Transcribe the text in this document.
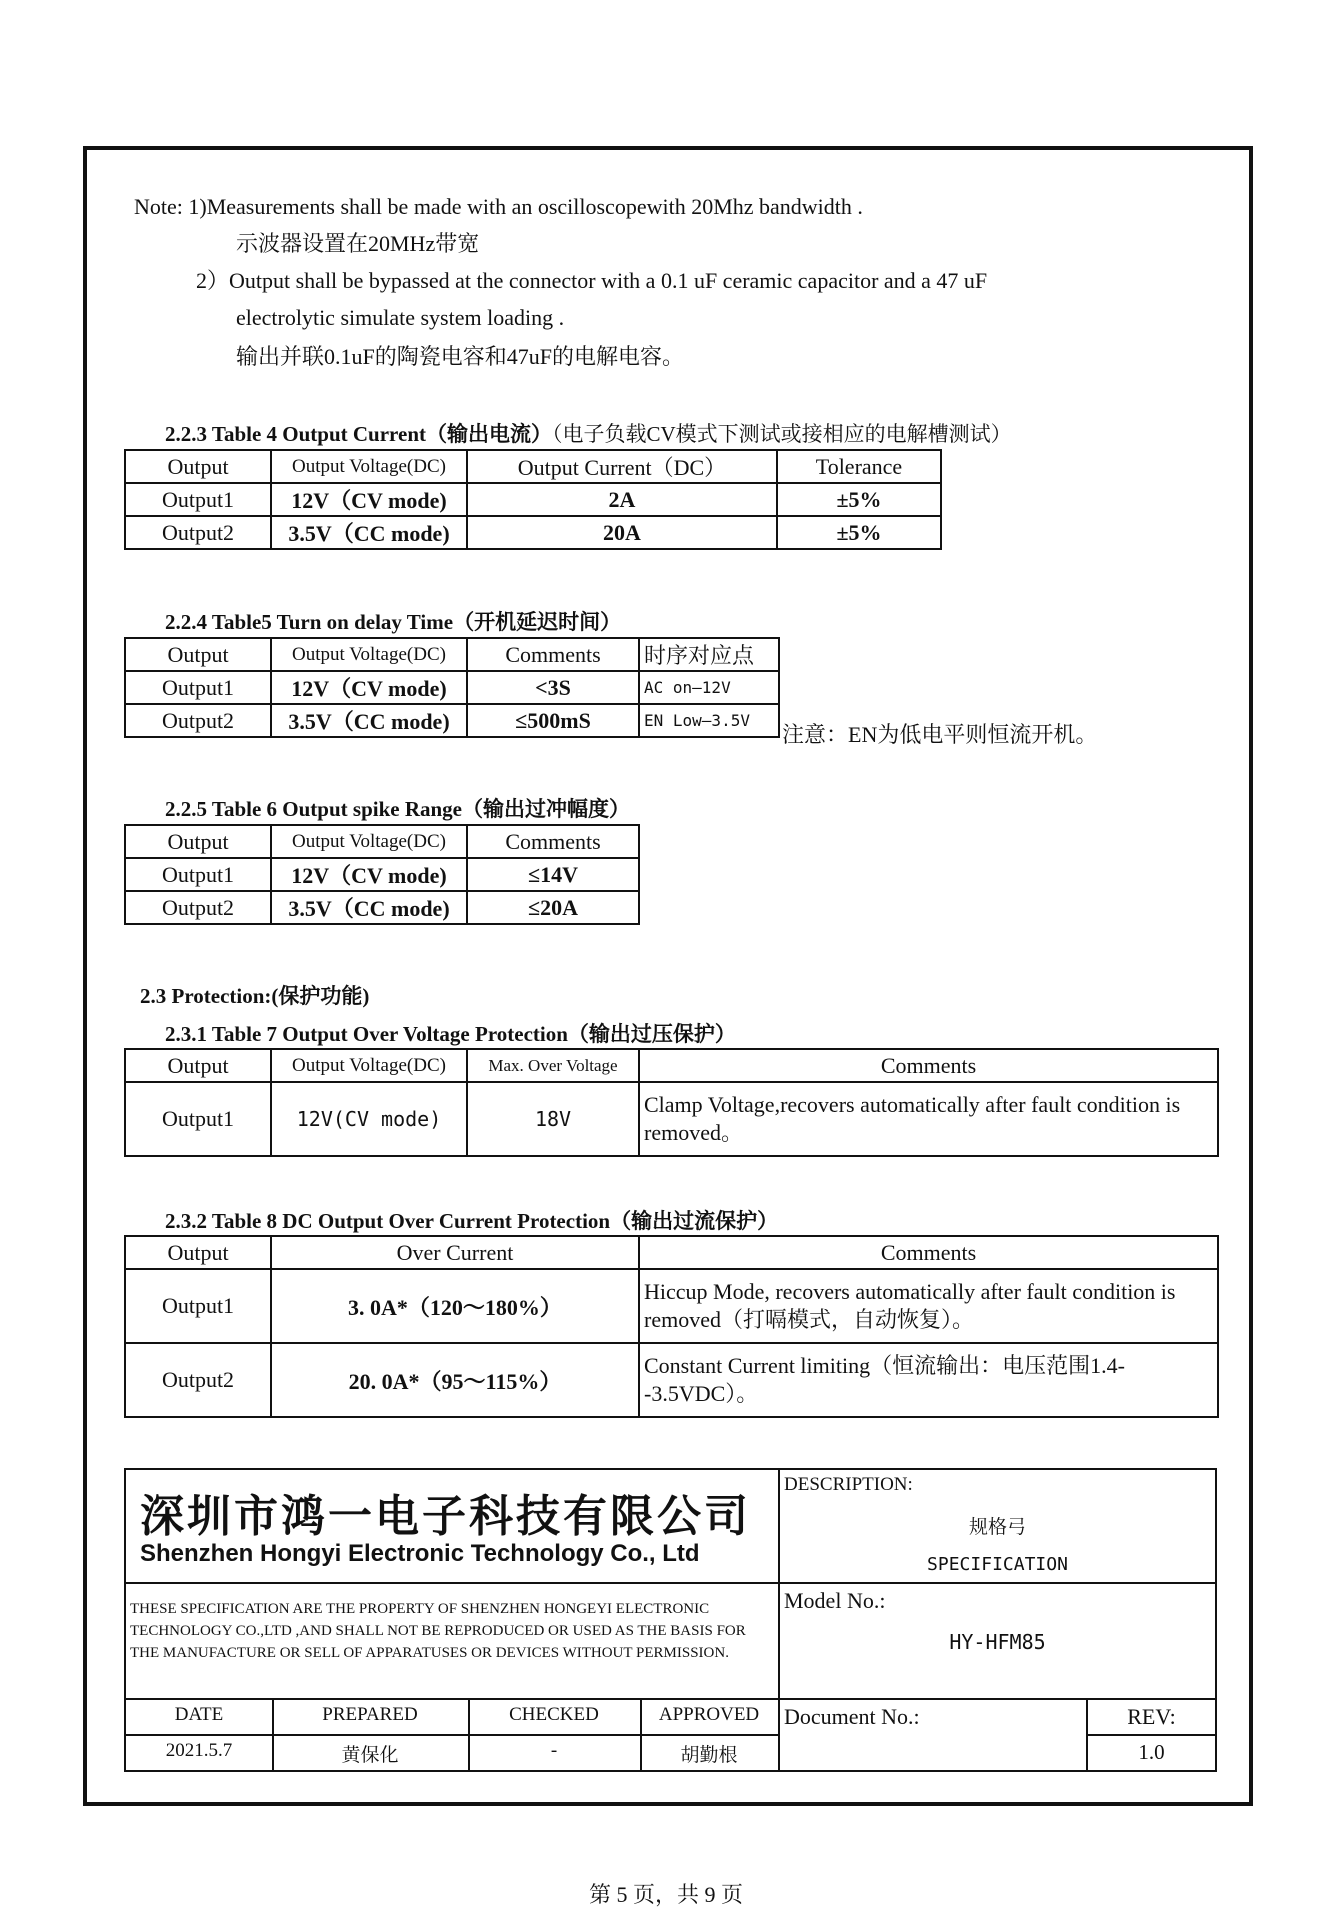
Note: 1)Measurements shall be made with an oscilloscopewith 20Mhz bandwidth .
示波器设置在20MHz带宽
2）Output shall be bypassed at the connector with a 0.1 uF ceramic capacitor and a 47 uF
electrolytic simulate system loading .
输出并联0.1uF的陶瓷电容和47uF的电解电容。
2.2.3 Table 4 Output Current（输出电流）（电子负载CV模式下测试或接相应的电解槽测试）
Output	Output Voltage(DC)	Output Current（DC）	Tolerance
Output1	12V（CV mode)	2A	±5%
Output2	3.5V（CC mode)	20A	±5%
2.2.4 Table5 Turn on delay Time（开机延迟时间）
Output	Output Voltage(DC)	Comments	时序对应点
Output1	12V（CV mode)	<3S	AC on—12V
Output2	3.5V（CC mode)	≤500mS	EN Low—3.5V
注意：EN为低电平则恒流开机。
2.2.5 Table 6 Output spike Range（输出过冲幅度）
Output	Output Voltage(DC)	Comments
Output1	12V（CV mode)	≤14V
Output2	3.5V（CC mode)	≤20A
2.3 Protection:(保护功能)
2.3.1 Table 7 Output Over Voltage Protection（输出过压保护）
Output	Output Voltage(DC)	Max. Over Voltage	Comments
Output1	12V(CV mode)	18V	Clamp Voltage,recovers automatically after fault condition is removed。
2.3.2 Table 8 DC Output Over Current Protection（输出过流保护）
Output	Over Current	Comments
Output1	3. 0A*（120～180%）	Hiccup Mode, recovers automatically after fault condition is removed（打嗝模式，自动恢复）。
Output2	20. 0A*（95～115%）	Constant Current limiting（恒流输出：电压范围1.4--3.5VDC）。
深圳市鸿一电子科技有限公司
Shenzhen Hongyi Electronic Technology Co., Ltd
DESCRIPTION:
规格弓
SPECIFICATION
THESE SPECIFICATION ARE THE PROPERTY OF SHENZHEN HONGEYI ELECTRONIC TECHNOLOGY CO.,LTD ,AND SHALL NOT BE REPRODUCED OR USED AS THE BASIS FOR THE MANUFACTURE OR SELL OF APPARATUSES OR DEVICES WITHOUT PERMISSION.
Model No.:
HY-HFM85
DATE	PREPARED	CHECKED	APPROVED
2021.5.7	黄保化	-	胡勤根
Document No.:	REV:
1.0
第 5 页，共 9 页
